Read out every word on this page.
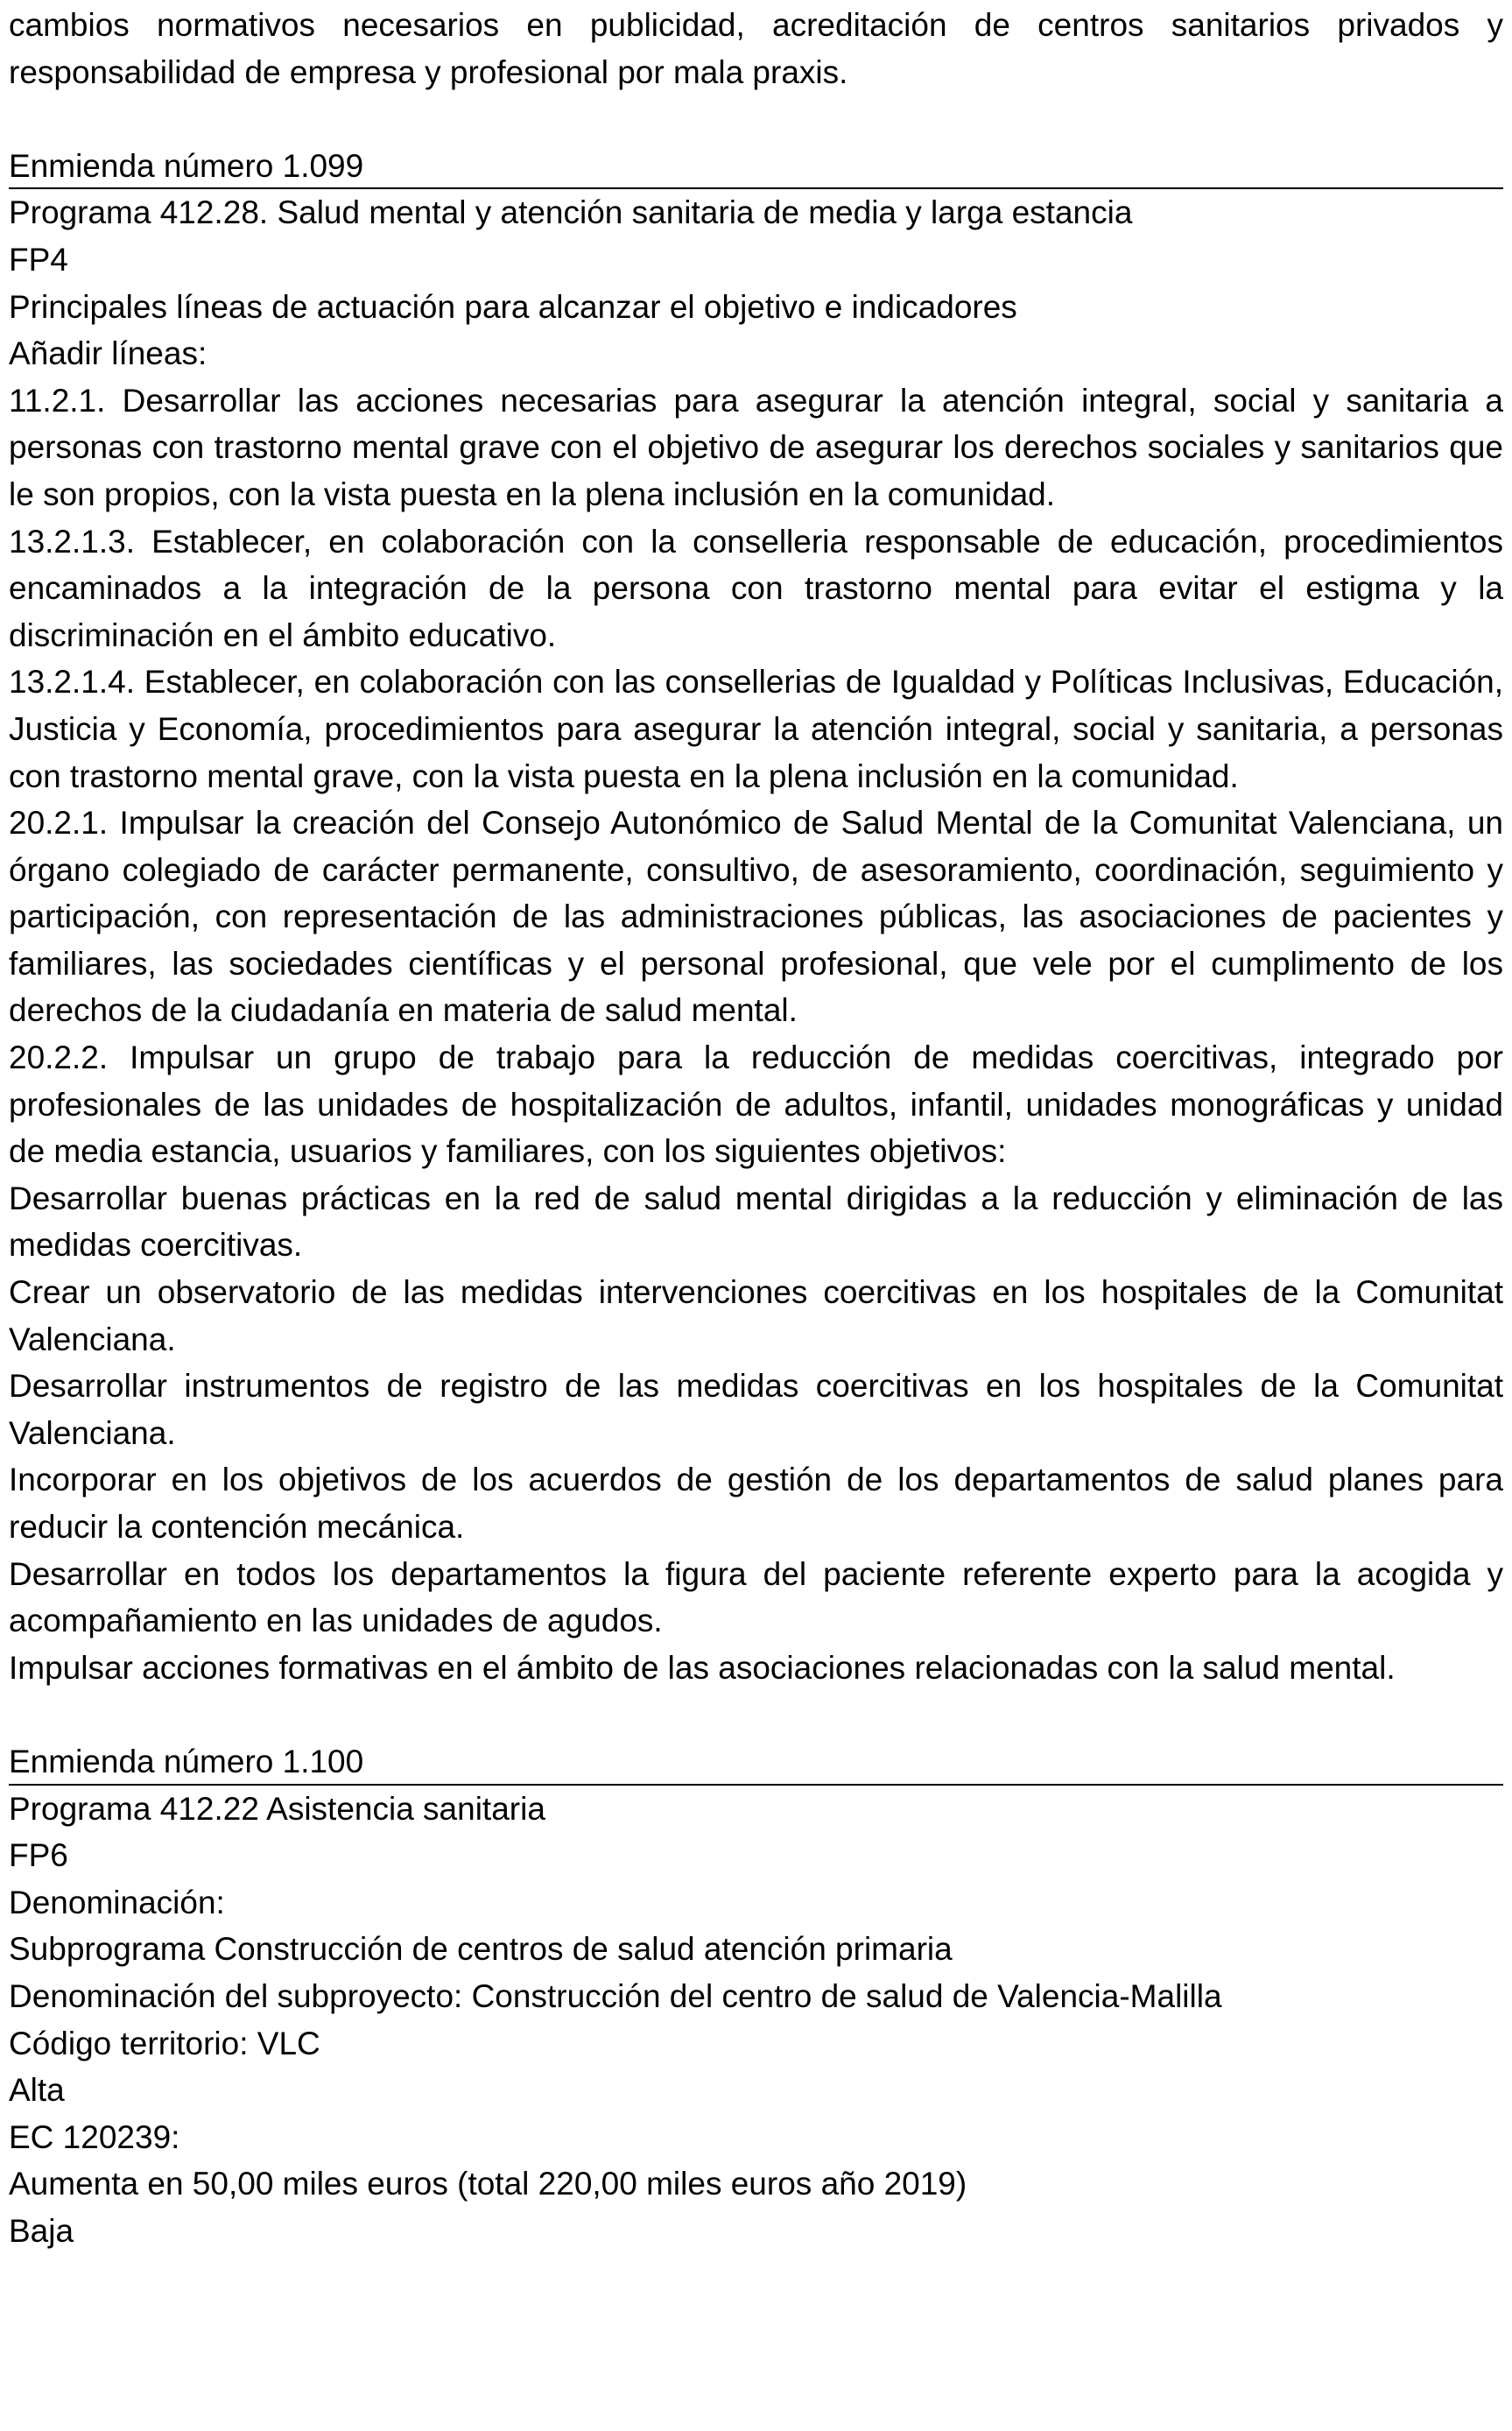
cambios normativos necesarios en publicidad, acreditación de centros sanitarios privados y responsabilidad de empresa y profesional por mala praxis.

Enmienda número 1.099

Programa 412.28. Salud mental y atención sanitaria de media y larga estancia

FP4

Principales líneas de actuación para alcanzar el objetivo e indicadores

Añadir líneas:

11.2.1. Desarrollar las acciones necesarias para asegurar la atención integral, social y sanitaria a personas con trastorno mental grave con el objetivo de asegurar los derechos sociales y sanitarios que le son propios, con la vista puesta en la plena inclusión en la comunidad.

13.2.1.3. Establecer, en colaboración con la conselleria responsable de educación, procedimientos encaminados a la integración de la persona con trastorno mental para evitar el estigma y la discriminación en el ámbito educativo.

13.2.1.4. Establecer, en colaboración con las consellerias de Igualdad y Políticas Inclusivas, Educación, Justicia y Economía, procedimientos para asegurar la atención integral, social y sanitaria, a personas con trastorno mental grave, con la vista puesta en la plena inclusión en la comunidad.

20.2.1. Impulsar la creación del Consejo Autonómico de Salud Mental de la Comunitat Valenciana, un órgano colegiado de carácter permanente, consultivo, de asesoramiento, coordinación, seguimiento y participación, con representación de las administraciones públicas, las asociaciones de pacientes y familiares, las sociedades científicas y el personal profesional, que vele por el cumplimento de los derechos de la ciudadanía en materia de salud mental.

20.2.2. Impulsar un grupo de trabajo para la reducción de medidas coercitivas, integrado por profesionales de las unidades de hospitalización de adultos, infantil, unidades monográficas y unidad de media estancia, usuarios y familiares, con los siguientes objetivos:

Desarrollar buenas prácticas en la red de salud mental dirigidas a la reducción y eliminación de las medidas coercitivas.

Crear un observatorio de las medidas intervenciones coercitivas en los hospitales de la Comunitat Valenciana.

Desarrollar instrumentos de registro de las medidas coercitivas en los hospitales de la Comunitat Valenciana.

Incorporar en los objetivos de los acuerdos de gestión de los departamentos de salud planes para reducir la contención mecánica.

Desarrollar en todos los departamentos la figura del paciente referente experto para la acogida y acompañamiento en las unidades de agudos.

Impulsar acciones formativas en el ámbito de las asociaciones relacionadas con la salud mental.

Enmienda número 1.100

Programa 412.22 Asistencia sanitaria

FP6

Denominación:

Subprograma Construcción de centros de salud atención primaria

Denominación del subproyecto: Construcción del centro de salud de Valencia-Malilla

Código territorio: VLC

Alta

EC 120239:

Aumenta en 50,00 miles euros (total 220,00 miles euros año 2019)

Baja
